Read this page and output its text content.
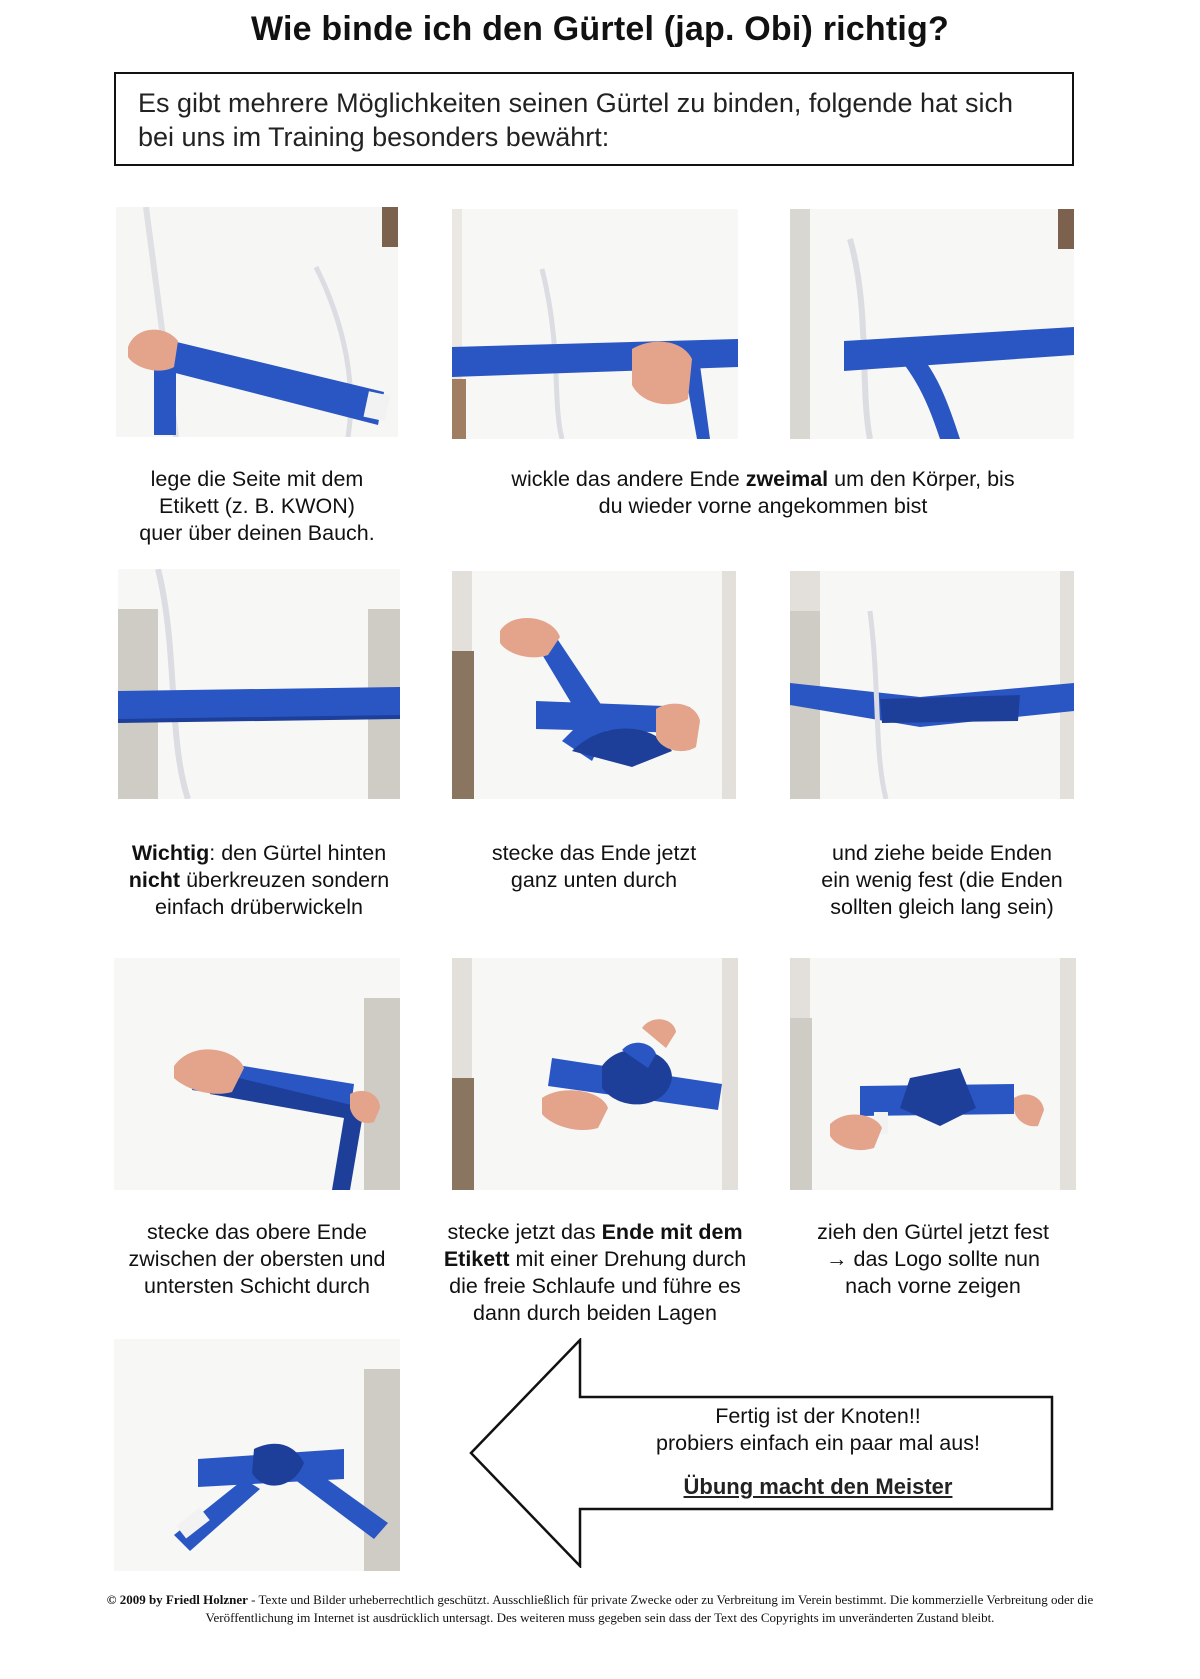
Wie binde ich den Gürtel (jap. Obi) richtig?
Es gibt mehrere Möglichkeiten seinen Gürtel zu binden, folgende hat sich bei uns im Training besonders bewährt:
lege die Seite mit dem
Etikett (z. B. KWON)
quer über deinen Bauch.
wickle das andere Ende zweimal um den Körper, bis
du wieder vorne angekommen bist
Wichtig: den Gürtel hinten
nicht überkreuzen sondern
einfach drüberwickeln
stecke das Ende jetzt
ganz unten durch
und ziehe beide Enden
ein wenig fest (die Enden
sollten gleich lang sein)
stecke das obere Ende
zwischen der obersten und
untersten Schicht durch
stecke jetzt das Ende mit dem
Etikett mit einer Drehung durch
die freie Schlaufe und führe es
dann durch beiden Lagen
zieh den Gürtel jetzt fest
→ das Logo sollte nun
nach vorne zeigen
Fertig ist der Knoten!!
probiers einfach ein paar mal aus!
Übung macht den Meister
© 2009 by Friedl Holzner - Texte und Bilder urheberrechtlich geschützt. Ausschließlich für private Zwecke oder zu Verbreitung im Verein bestimmt. Die kommerzielle Verbreitung oder die
Veröffentlichung im Internet ist ausdrücklich untersagt. Des weiteren muss gegeben sein dass der Text des Copyrights im unveränderten Zustand bleibt.
